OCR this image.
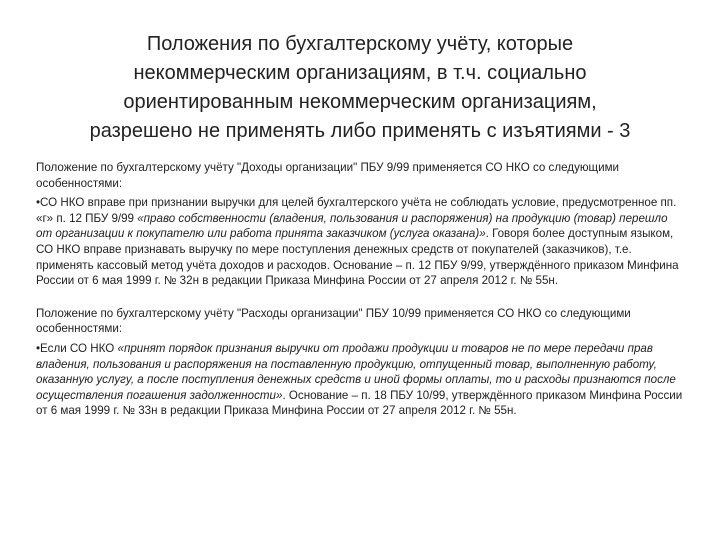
Положения по бухгалтерскому учёту, которые
некоммерческим организациям, в т.ч. социально
ориентированным некоммерческим организациям,
разрешено не применять либо применять с изъятиями - 3

Положение по бухгалтерскому учёту "Доходы организации" ПБУ 9/99 применяется СО НКО со следующими особенностями:

•СО НКО вправе при признании выручки для целей бухгалтерского учёта не соблюдать условие, предусмотренное пп. «г» п. 12 ПБУ 9/99 «право собственности (владения, пользования и распоряжения) на продукцию (товар) перешло от организации к покупателю или работа принята заказчиком (услуга оказана)». Говоря более доступным языком, СО НКО вправе признавать выручку по мере поступления денежных средств от покупателей (заказчиков), т.е. применять кассовый метод учёта доходов и расходов. Основание – п. 12 ПБУ 9/99, утверждённого приказом Минфина России от 6 мая 1999 г. № 32н в редакции Приказа Минфина России от 27 апреля 2012 г. № 55н.

Положение по бухгалтерскому учёту "Расходы организации" ПБУ 10/99 применяется СО НКО со следующими особенностями:

•Если СО НКО «принят порядок признания выручки от продажи продукции и товаров не по мере передачи прав владения, пользования и распоряжения на поставленную продукцию, отпущенный товар, выполненную работу, оказанную услугу, а после поступления денежных средств и иной формы оплаты, то и расходы признаются после осуществления погашения задолженности». Основание – п. 18 ПБУ 10/99, утверждённого приказом Минфина России от 6 мая 1999 г. № 33н в редакции Приказа Минфина России от 27 апреля 2012 г. № 55н.
